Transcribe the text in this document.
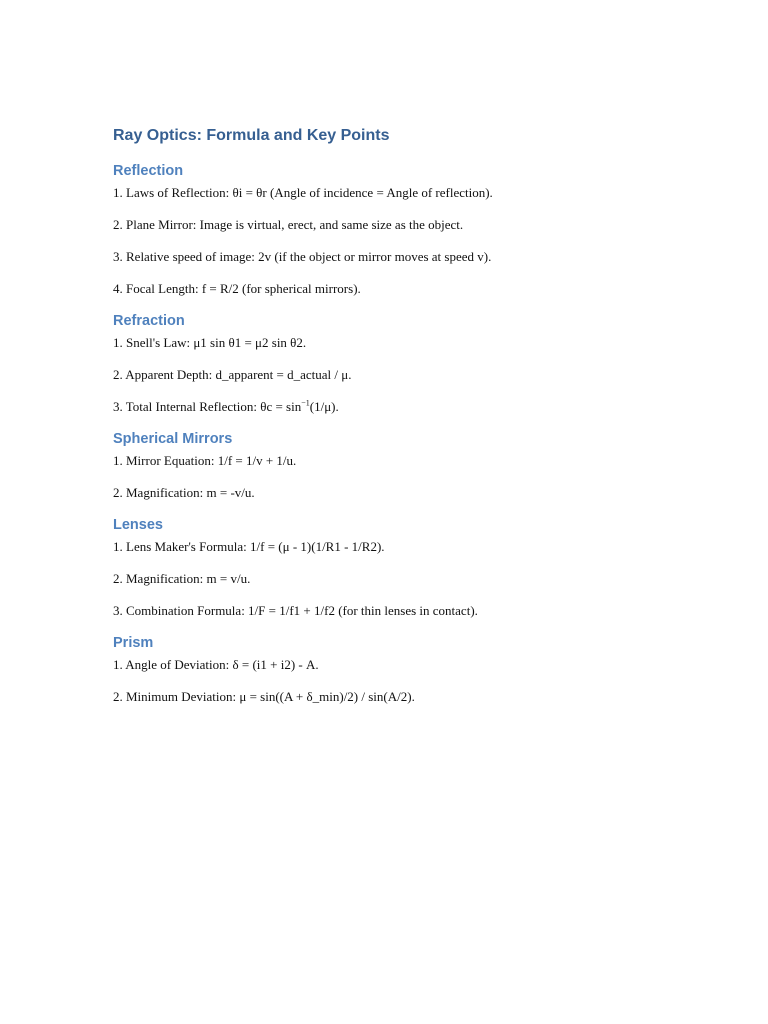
Ray Optics: Formula and Key Points
Reflection
1. Laws of Reflection: θi = θr (Angle of incidence = Angle of reflection).
2. Plane Mirror: Image is virtual, erect, and same size as the object.
3. Relative speed of image: 2v (if the object or mirror moves at speed v).
4. Focal Length: f = R/2 (for spherical mirrors).
Refraction
1. Snell's Law: μ1 sin θ1 = μ2 sin θ2.
2. Apparent Depth: d_apparent = d_actual / μ.
3. Total Internal Reflection: $\theta c = \sin^{-1}(1/\mu)$.
Spherical Mirrors
1. Mirror Equation: 1/f = 1/v + 1/u.
2. Magnification: m = -v/u.
Lenses
1. Lens Maker's Formula: 1/f = (μ - 1)(1/R1 - 1/R2).
2. Magnification: m = v/u.
3. Combination Formula: 1/F = 1/f1 + 1/f2 (for thin lenses in contact).
Prism
1. Angle of Deviation: δ = (i1 + i2) - A.
2. Minimum Deviation: μ = sin((A + δ_min)/2) / sin(A/2).
